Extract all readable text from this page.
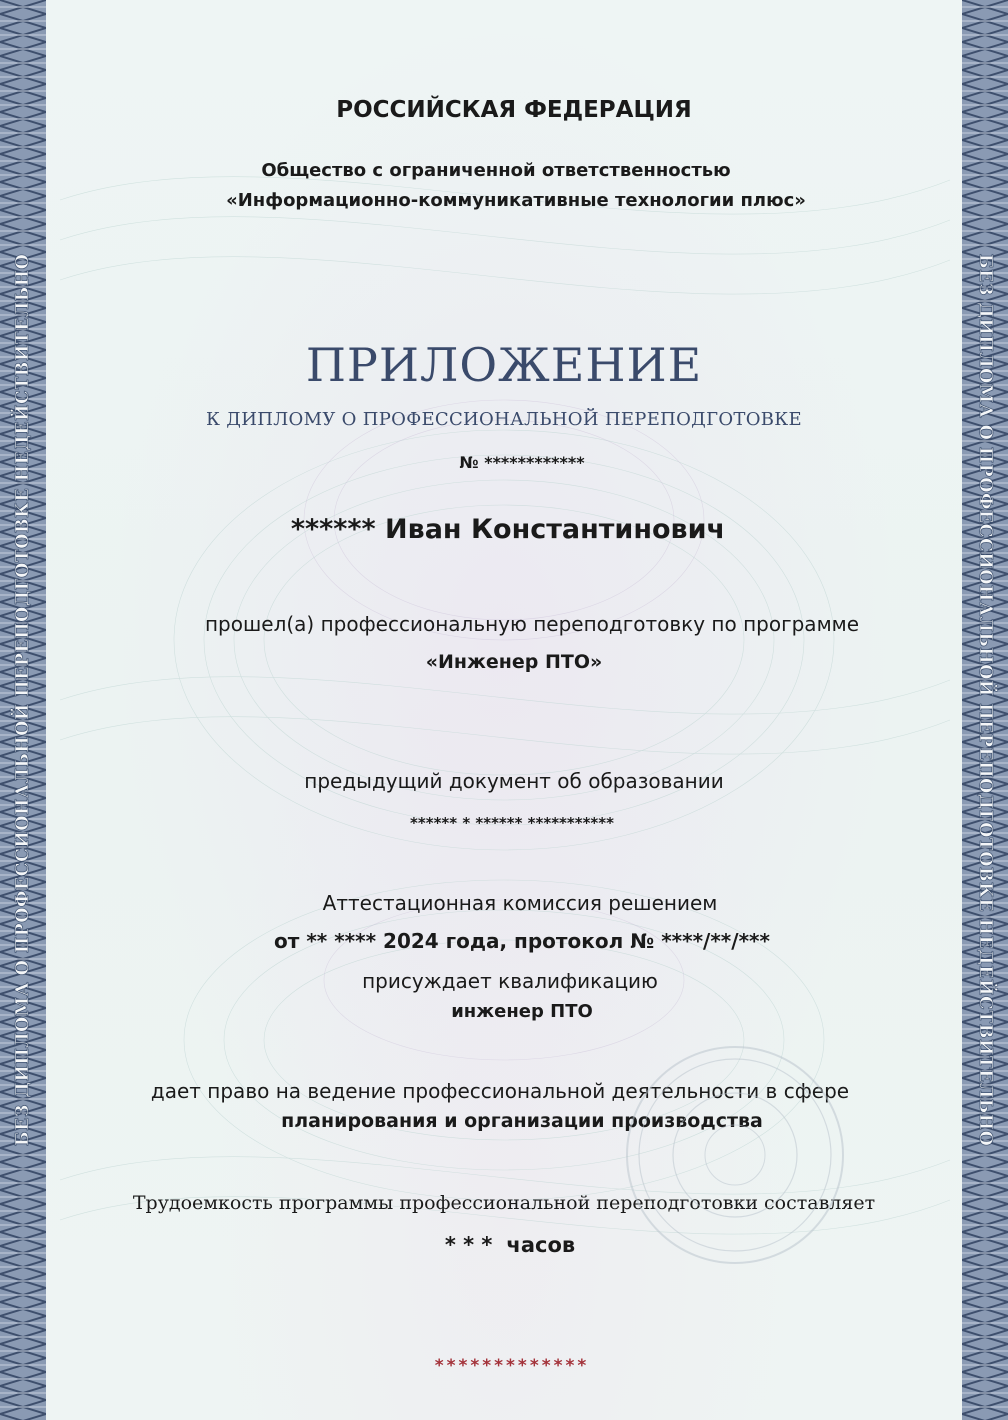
БЕЗ ДИПЛОМА О ПРОФЕССИОНАЛЬНОЙ ПЕРЕПОДГОТОВКЕ НЕДЕЙСТВИТЕЛЬНО	БЕЗ ДИПЛОМА О ПРОФЕССИОНАЛЬНОЙ ПЕРЕПОДГОТОВКЕ НЕДЕЙСТВИТЕЛЬНО
РОССИЙСКАЯ ФЕДЕРАЦИЯ
Общество с ограниченной ответственностью
«Информационно-коммуникативные технологии плюс»
ПРИЛОЖЕНИЕ
К ДИПЛОМУ О ПРОФЕССИОНАЛЬНОЙ ПЕРЕПОДГОТОВКЕ
№ ************
****** Иван Константинович
прошел(а) профессиональную переподготовку по программе
«Инженер ПТО»
предыдущий документ об образовании
****** * ****** ***********
Аттестационная комиссия решением
от ** **** 2024 года, протокол № ****/**/***
присуждает квалификацию
инженер ПТО
дает право на ведение профессиональной деятельности в сфере
планирования и организации производства
Трудоемкость программы профессиональной переподготовки составляет
* * * часов
*************
